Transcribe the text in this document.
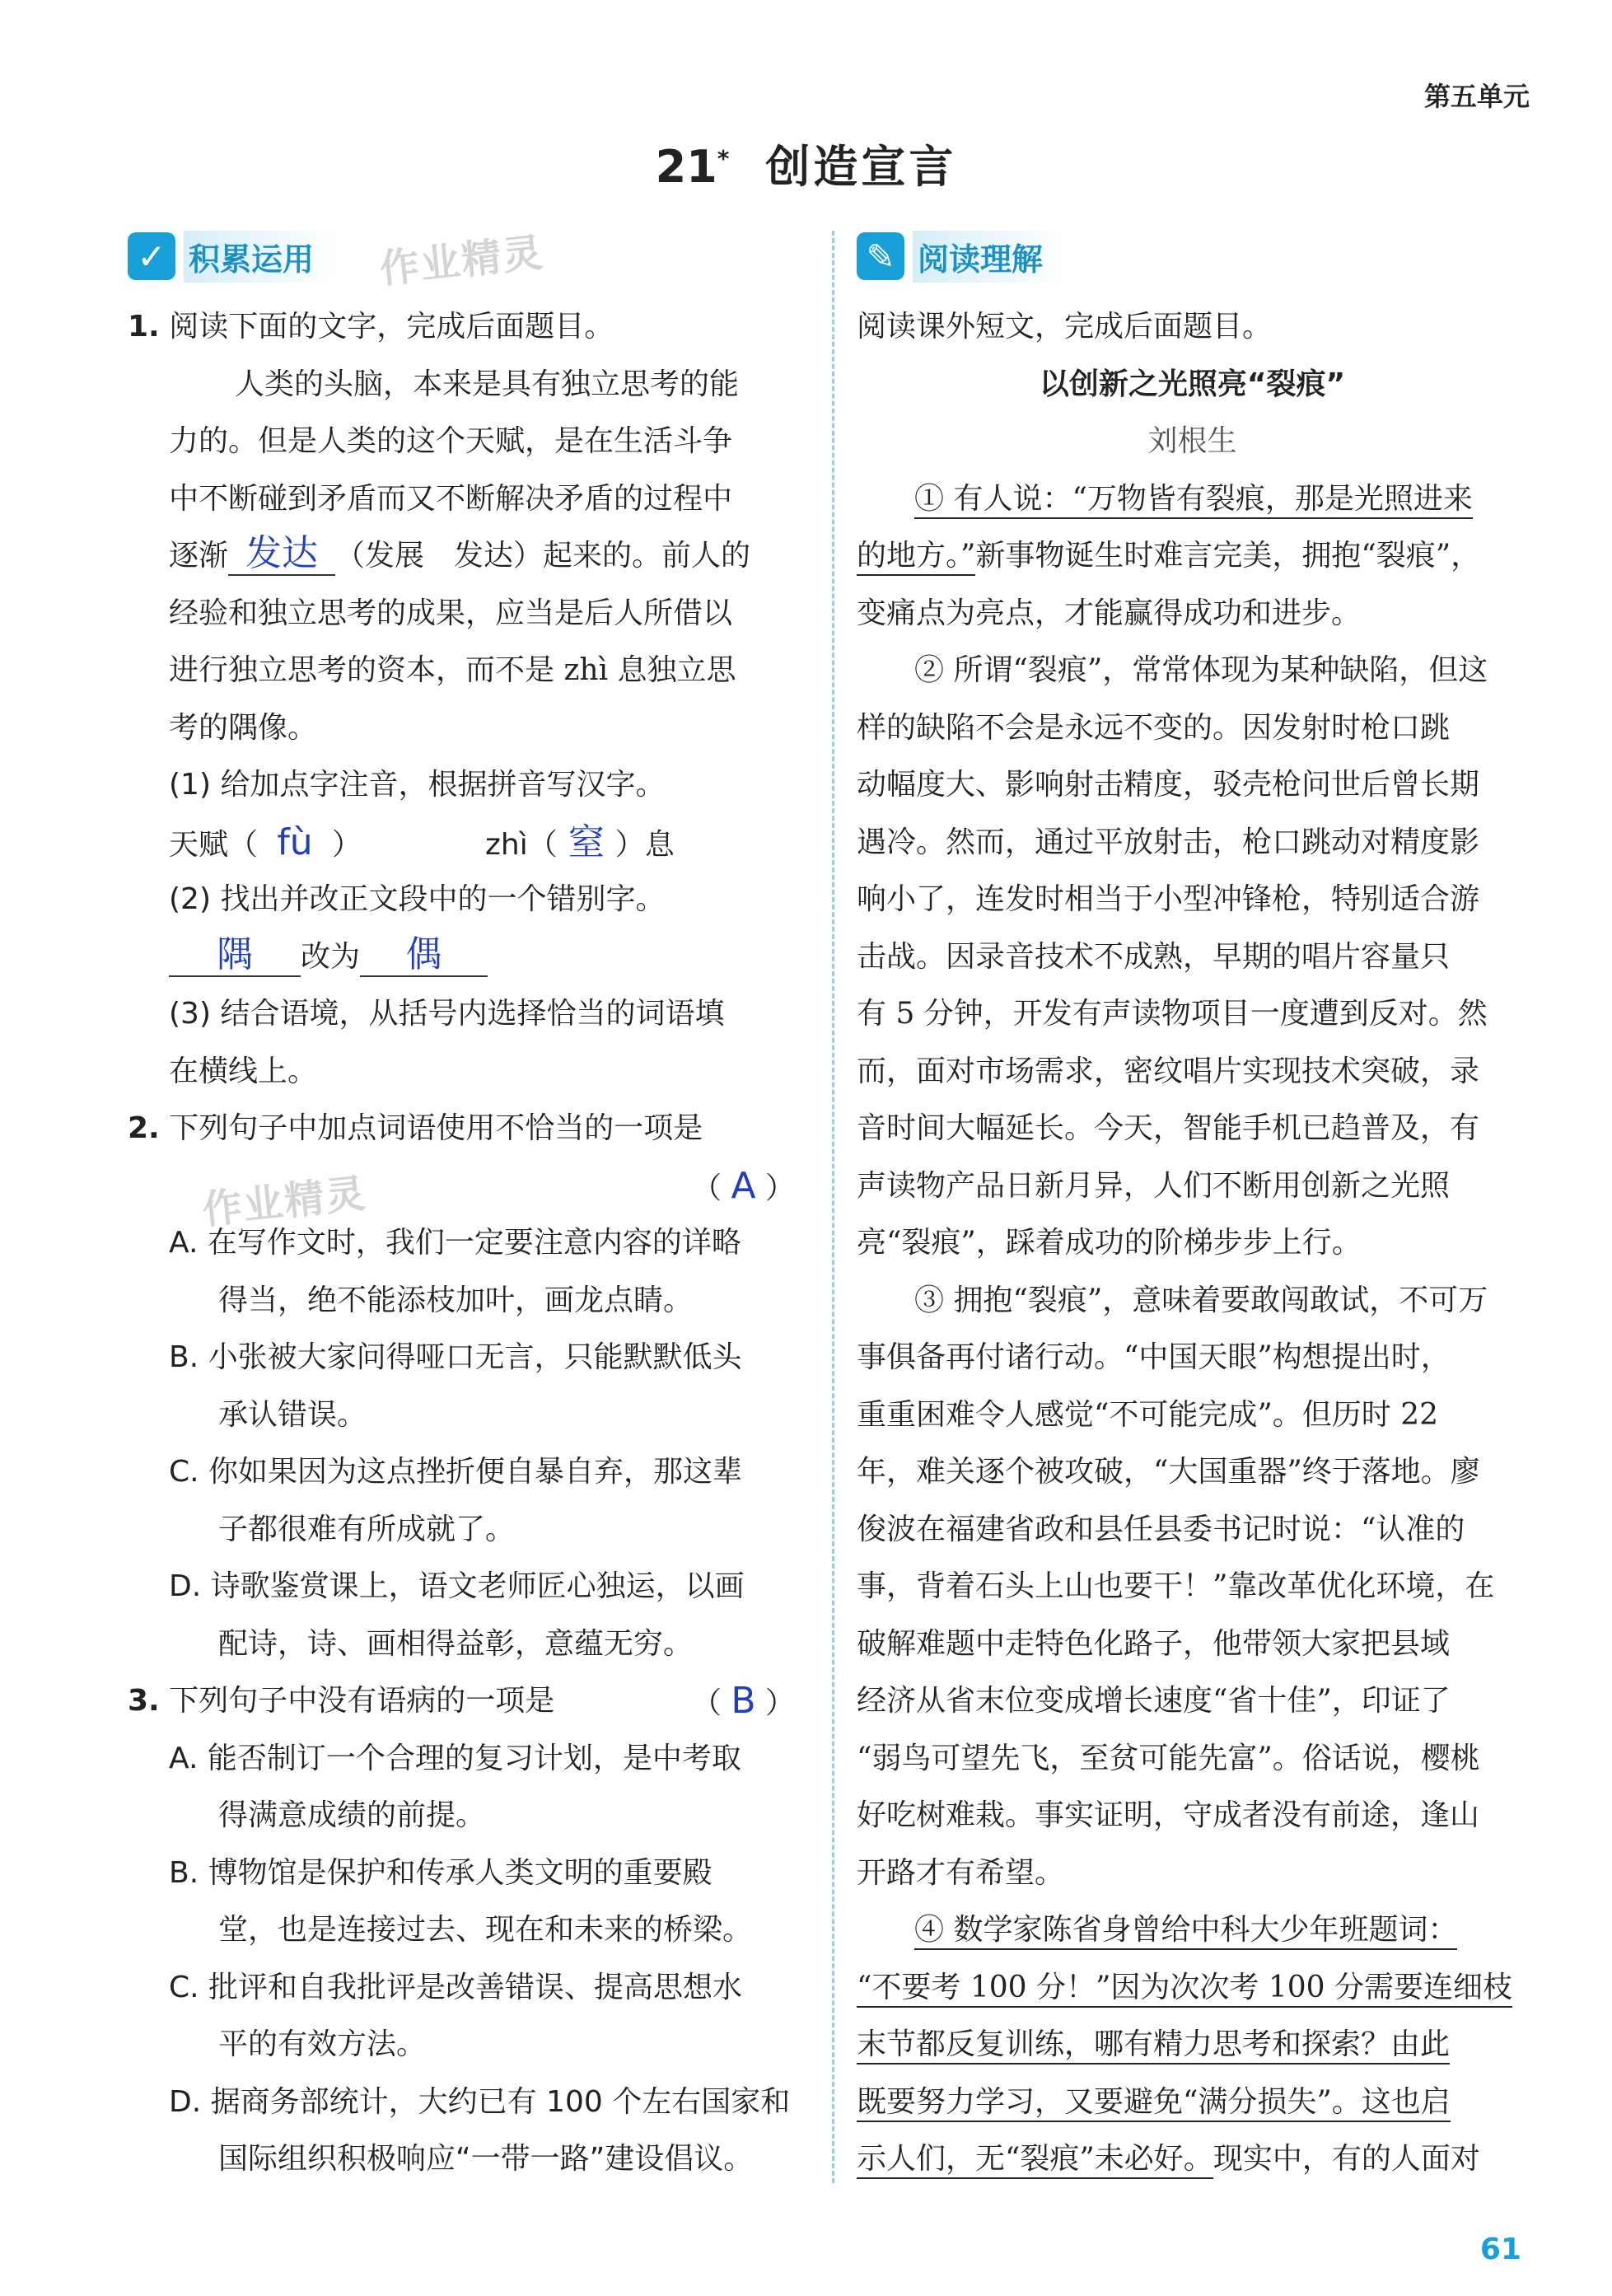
第五单元
21* 创造宣言
✓ 积累运用	作业精灵
作业精灵
1. 阅读下面的文字，完成后面题目。
人类的头脑，本来是具有独立思考的能
力的。但是人类的这个天赋，是在生活斗争
中不断碰到矛盾而又不断解决矛盾的过程中
逐渐 发达 （发展　发达）起来的。前人的
经验和独立思考的成果，应当是后人所借以
进行独立思考的资本，而不是 zhì 息独立思
考的隅像。
(1) 给加点字注音，根据拼音写汉字。
天赋（ fù ）	zhì（ 窒 ）息
(2) 找出并改正文段中的一个错别字。
隅 改为 偶
(3) 结合语境，从括号内选择恰当的词语填
在横线上。
2. 下列句子中加点词语使用不恰当的一项是
（ A ）
A. 在写作文时，我们一定要注意内容的详略
得当，绝不能添枝加叶，画龙点睛。
B. 小张被大家问得哑口无言，只能默默低头
承认错误。
C. 你如果因为这点挫折便自暴自弃，那这辈
子都很难有所成就了。
D. 诗歌鉴赏课上，语文老师匠心独运，以画
配诗，诗、画相得益彰，意蕴无穷。
3. 下列句子中没有语病的一项是	（ B ）
A. 能否制订一个合理的复习计划，是中考取
得满意成绩的前提。
B. 博物馆是保护和传承人类文明的重要殿
堂，也是连接过去、现在和未来的桥梁。
C. 批评和自我批评是改善错误、提高思想水
平的有效方法。
D. 据商务部统计，大约已有 100 个左右国家和
国际组织积极响应“一带一路”建设倡议。
✎ 阅读理解
阅读课外短文，完成后面题目。
以创新之光照亮“裂痕”
刘根生
① 有人说：“万物皆有裂痕，那是光照进来
的地方。”新事物诞生时难言完美，拥抱“裂痕”，
变痛点为亮点，才能赢得成功和进步。
② 所谓“裂痕”，常常体现为某种缺陷，但这
样的缺陷不会是永远不变的。因发射时枪口跳
动幅度大、影响射击精度，驳壳枪问世后曾长期
遇冷。然而，通过平放射击，枪口跳动对精度影
响小了，连发时相当于小型冲锋枪，特别适合游
击战。因录音技术不成熟，早期的唱片容量只
有 5 分钟，开发有声读物项目一度遭到反对。然
而，面对市场需求，密纹唱片实现技术突破，录
音时间大幅延长。今天，智能手机已趋普及，有
声读物产品日新月异，人们不断用创新之光照
亮“裂痕”，踩着成功的阶梯步步上行。
③ 拥抱“裂痕”，意味着要敢闯敢试，不可万
事俱备再付诸行动。“中国天眼”构想提出时，
重重困难令人感觉“不可能完成”。但历时 22
年，难关逐个被攻破，“大国重器”终于落地。廖
俊波在福建省政和县任县委书记时说：“认准的
事，背着石头上山也要干！”靠改革优化环境，在
破解难题中走特色化路子，他带领大家把县域
经济从省末位变成增长速度“省十佳”，印证了
“弱鸟可望先飞，至贫可能先富”。俗话说，樱桃
好吃树难栽。事实证明，守成者没有前途，逢山
开路才有希望。
④ 数学家陈省身曾给中科大少年班题词：
“不要考 100 分！”因为次次考 100 分需要连细枝
末节都反复训练，哪有精力思考和探索？由此
既要努力学习，又要避免“满分损失”。这也启
示人们，无“裂痕”未必好。现实中，有的人面对
61
